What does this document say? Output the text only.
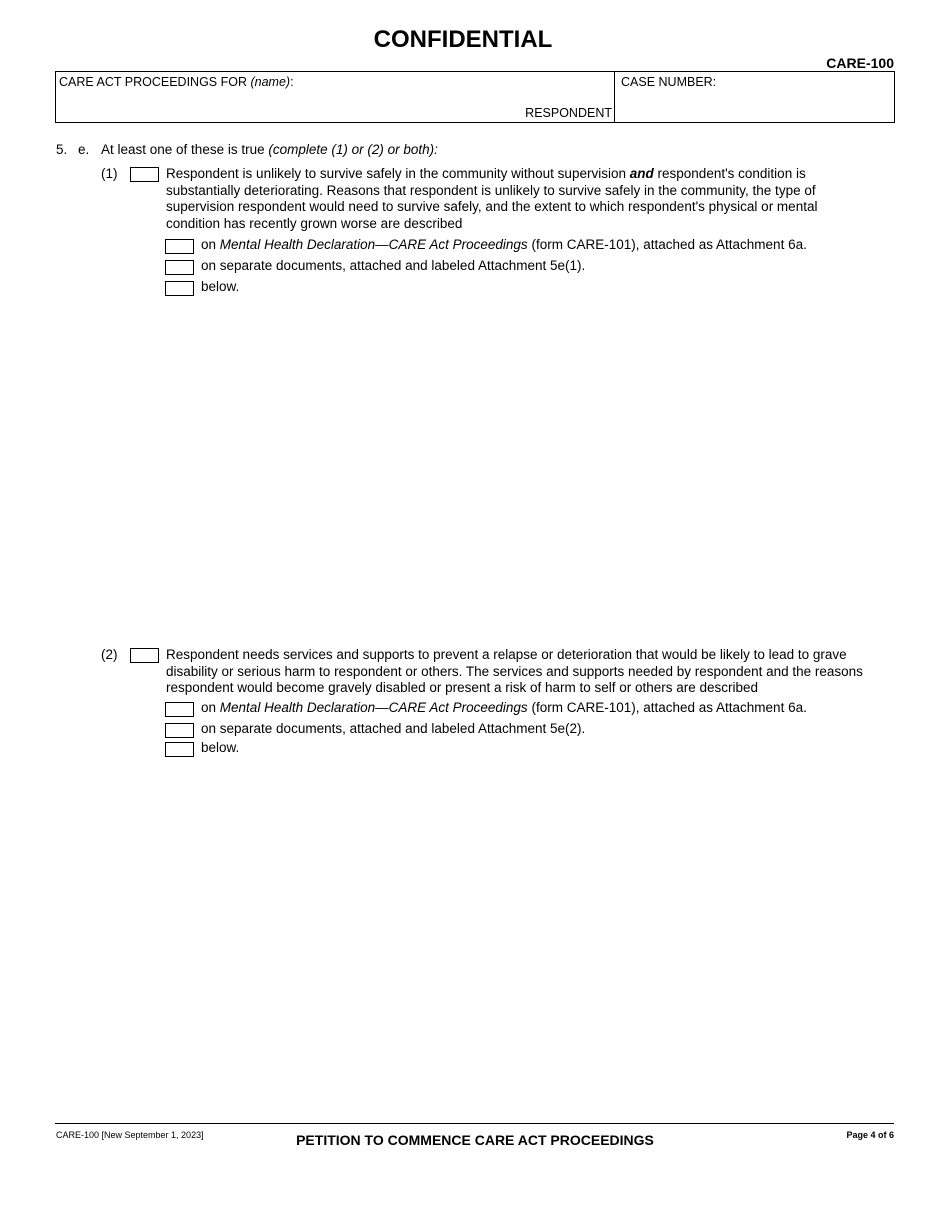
CONFIDENTIAL
CARE-100
CARE ACT PROCEEDINGS FOR (name):
RESPONDENT
CASE NUMBER:
5. e. At least one of these is true (complete (1) or (2) or both):
(1)	Respondent is unlikely to survive safely in the community without supervision and respondent's condition is
substantially deteriorating. Reasons that respondent is unlikely to survive safely in the community, the type of
supervision respondent would need to survive safely, and the extent to which respondent's physical or mental
condition has recently grown worse are described
on Mental Health Declaration—CARE Act Proceedings (form CARE-101), attached as Attachment 6a.
on separate documents, attached and labeled Attachment 5e(1).
below.
(2)	Respondent needs services and supports to prevent a relapse or deterioration that would be likely to lead to grave
disability or serious harm to respondent or others. The services and supports needed by respondent and the reasons
respondent would become gravely disabled or present a risk of harm to self or others are described
on Mental Health Declaration—CARE Act Proceedings (form CARE-101), attached as Attachment 6a.
on separate documents, attached and labeled Attachment 5e(2).
below.
CARE-100 [New September 1, 2023]	PETITION TO COMMENCE CARE ACT PROCEEDINGS	Page 4 of 6
